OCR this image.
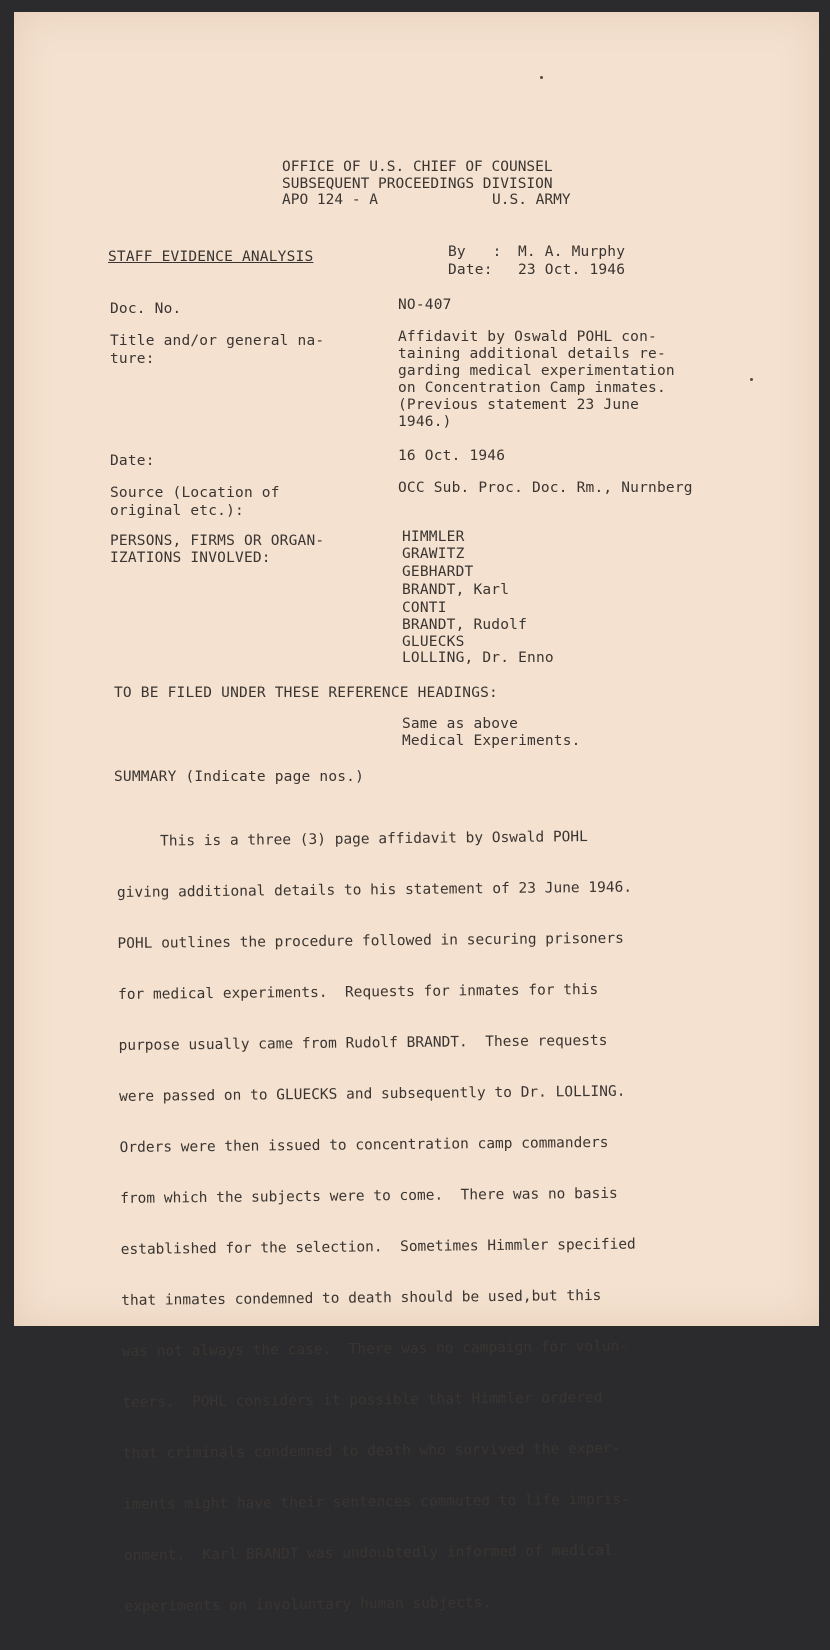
OFFICE OF U.S. CHIEF OF COUNSEL
SUBSEQUENT PROCEEDINGS DIVISION
APO 124 - A	U.S. ARMY
STAFF EVIDENCE ANALYSIS	By   : M. A. Murphy
Date: 23 Oct. 1946
Doc. No.	NO-407
Title and/or general na-
ture:
Affidavit by Oswald POHL con-
taining additional details re-
garding medical experimentation
on Concentration Camp inmates.
(Previous statement 23 June
1946.)
Date:	16 Oct. 1946
Source (Location of
original etc.):
OCC Sub. Proc. Doc. Rm., Nurnberg
PERSONS, FIRMS OR ORGAN-
IZATIONS INVOLVED:
HIMMLER
GRAWITZ
GEBHARDT
BRANDT, Karl
CONTI
BRANDT, Rudolf
GLUECKS
LOLLING, Dr. Enno
TO BE FILED UNDER THESE REFERENCE HEADINGS:
Same as above
Medical Experiments.
SUMMARY (Indicate page nos.)

This is a three (3) page affidavit by Oswald POHL

giving additional details to his statement of 23 June 1946.

POHL outlines the procedure followed in securing prisoners

for medical experiments.  Requests for inmates for this

purpose usually came from Rudolf BRANDT.  These requests

were passed on to GLUECKS and subsequently to Dr. LOLLING.

Orders were then issued to concentration camp commanders

from which the subjects were to come.  There was no basis

established for the selection.  Sometimes Himmler specified

that inmates condemned to death should be used,but this

was not always the case.  There was no campaign for volun-

teers.  POHL considers it possible that Himmler ordered

that criminals condemned to death who survived the exper-

iments might have their sentences commuted to life impris-

onment.  Karl BRANDT was undoubtedly informed of medical

experiments on involuntary human subjects.
